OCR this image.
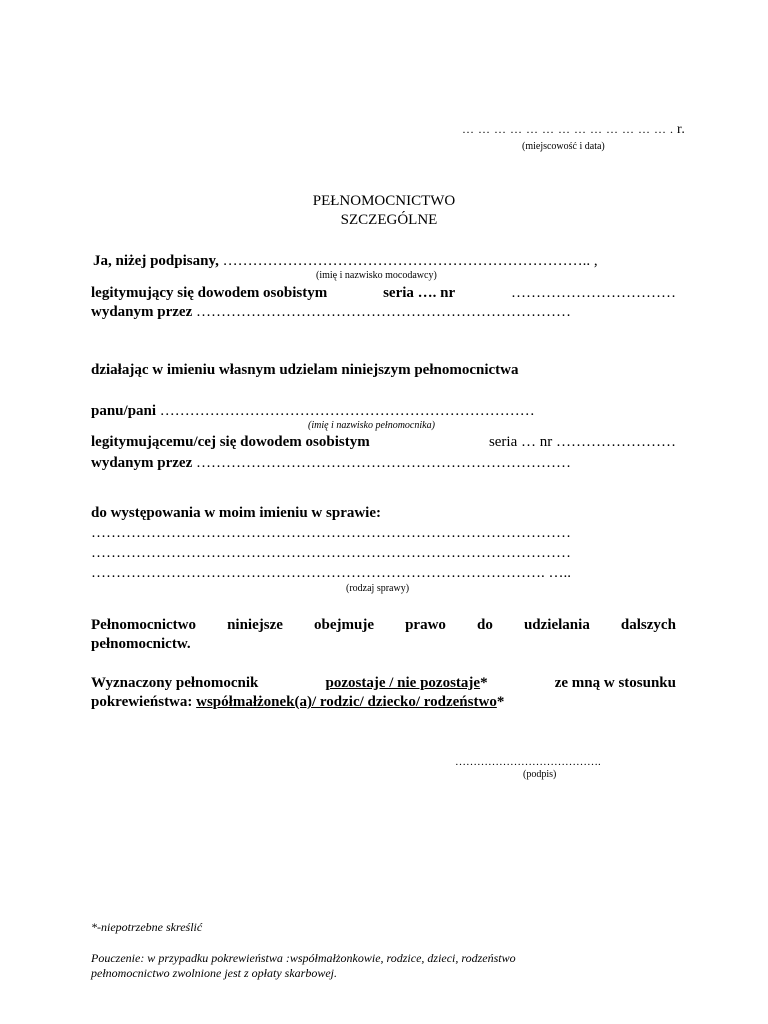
… … … … … … … … … … … … … . r.
(miejscowość i data)
PEŁNOMOCNICTWO
SZCZEGÓLNE
Ja, niżej podpisany, ……………………………………………………………….. ,
(imię i nazwisko mocodawcy)
legitymujący się dowodem osobistym	seria …. nr	……………………………
wydanym przez …………………………………………………………………
działając w imieniu własnym udzielam niniejszym pełnomocnictwa
panu/pani …………………………………………………………………
(imię i nazwisko pełnomocnika)
legitymującemu/cej się dowodem osobistym	seria … nr ……………………
wydanym przez …………………………………………………………………
do występowania w moim imieniu w sprawie:
……………………………………………………………………………………
……………………………………………………………………………………
………………………………………………………………………………. …..
(rodzaj sprawy)
Pełnomocnictwo niniejsze obejmuje prawo do udzielania dalszych
pełnomocnictw.
Wyznaczony pełnomocnik	pozostaje / nie pozostaje*	ze mną w stosunku
pokrewieństwa: współmałżonek(a)/ rodzic/ dziecko/ rodzeństwo*
………………………………….
(podpis)
*-niepotrzebne skreślić
Pouczenie: w przypadku pokrewieństwa :współmałżonkowie, rodzice, dzieci, rodzeństwo
pełnomocnictwo zwolnione jest z opłaty skarbowej.
